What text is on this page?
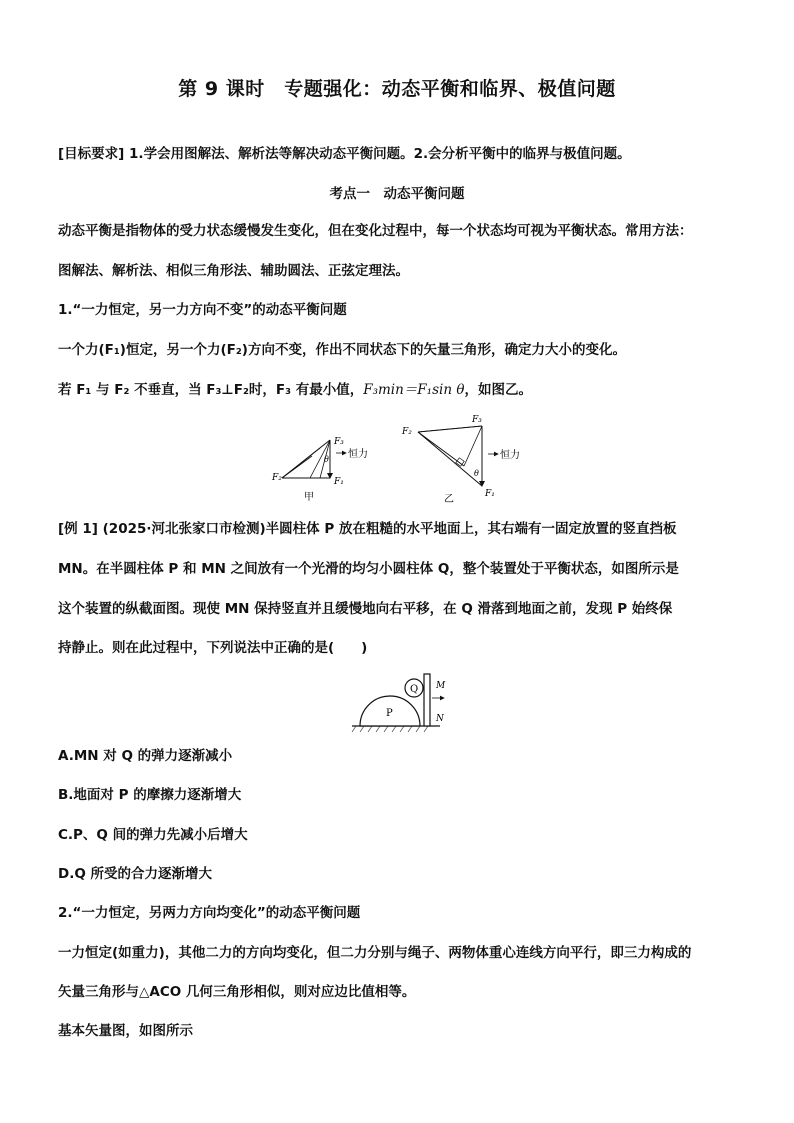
第 9 课时　专题强化：动态平衡和临界、极值问题
[目标要求] 1.学会用图解法、解析法等解决动态平衡问题。2.会分析平衡中的临界与极值问题。
考点一　动态平衡问题
动态平衡是指物体的受力状态缓慢发生变化，但在变化过程中，每一个状态均可视为平衡状态。常用方法：
图解法、解析法、相似三角形法、辅助圆法、正弦定理法。
1.“一力恒定，另一力方向不变”的动态平衡问题
一个力(F₁)恒定，另一个力(F₂)方向不变，作出不同状态下的矢量三角形，确定力大小的变化。
若 F₁ 与 F₂ 不垂直，当 F₃⊥F₂时，F₃ 有最小值，F₃min＝F₁sin θ，如图乙。
F₃
F₂	F₁
θ 恒力
甲
F₃
F₂
F₁
θ
恒力
乙
[例 1] (2025·河北张家口市检测)半圆柱体 P 放在粗糙的水平地面上，其右端有一固定放置的竖直挡板
MN。在半圆柱体 P 和 MN 之间放有一个光滑的均匀小圆柱体 Q，整个装置处于平衡状态，如图所示是
这个装置的纵截面图。现使 MN 保持竖直并且缓慢地向右平移，在 Q 滑落到地面之前，发现 P 始终保
持静止。则在此过程中，下列说法中正确的是(　　)
Q
P
M
N
A.MN 对 Q 的弹力逐渐减小
B.地面对 P 的摩擦力逐渐增大
C.P、Q 间的弹力先减小后增大
D.Q 所受的合力逐渐增大
2.“一力恒定，另两力方向均变化”的动态平衡问题
一力恒定(如重力)，其他二力的方向均变化，但二力分别与绳子、两物体重心连线方向平行，即三力构成的
矢量三角形与△ACO 几何三角形相似，则对应边比值相等。
基本矢量图，如图所示
